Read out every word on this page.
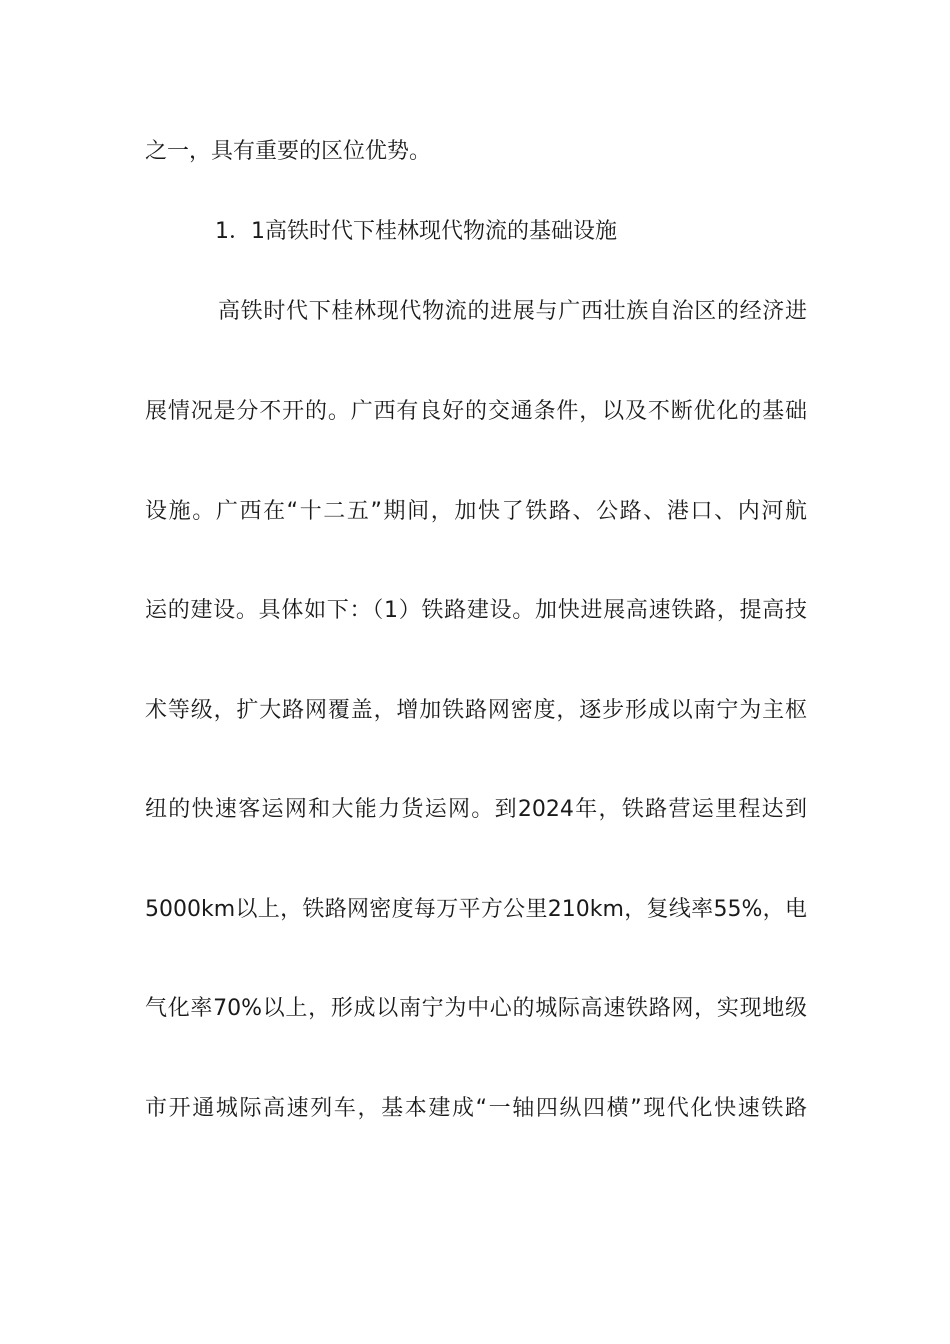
之一，具有重要的区位优势。
1．1高铁时代下桂林现代物流的基础设施
高铁时代下桂林现代物流的进展与广西壮族自治区的经济进
展情况是分不开的。广西有良好的交通条件，以及不断优化的基础
设施。广西在“十二五”期间，加快了铁路、公路、港口、内河航
运的建设。具体如下：（1）铁路建设。加快进展高速铁路，提高技
术等级，扩大路网覆盖，增加铁路网密度，逐步形成以南宁为主枢
纽的快速客运网和大能力货运网。到2024年，铁路营运里程达到
5000km以上，铁路网密度每万平方公里210km，复线率55%，电
气化率70%以上，形成以南宁为中心的城际高速铁路网，实现地级
市开通城际高速列车，基本建成“一轴四纵四横”现代化快速铁路
